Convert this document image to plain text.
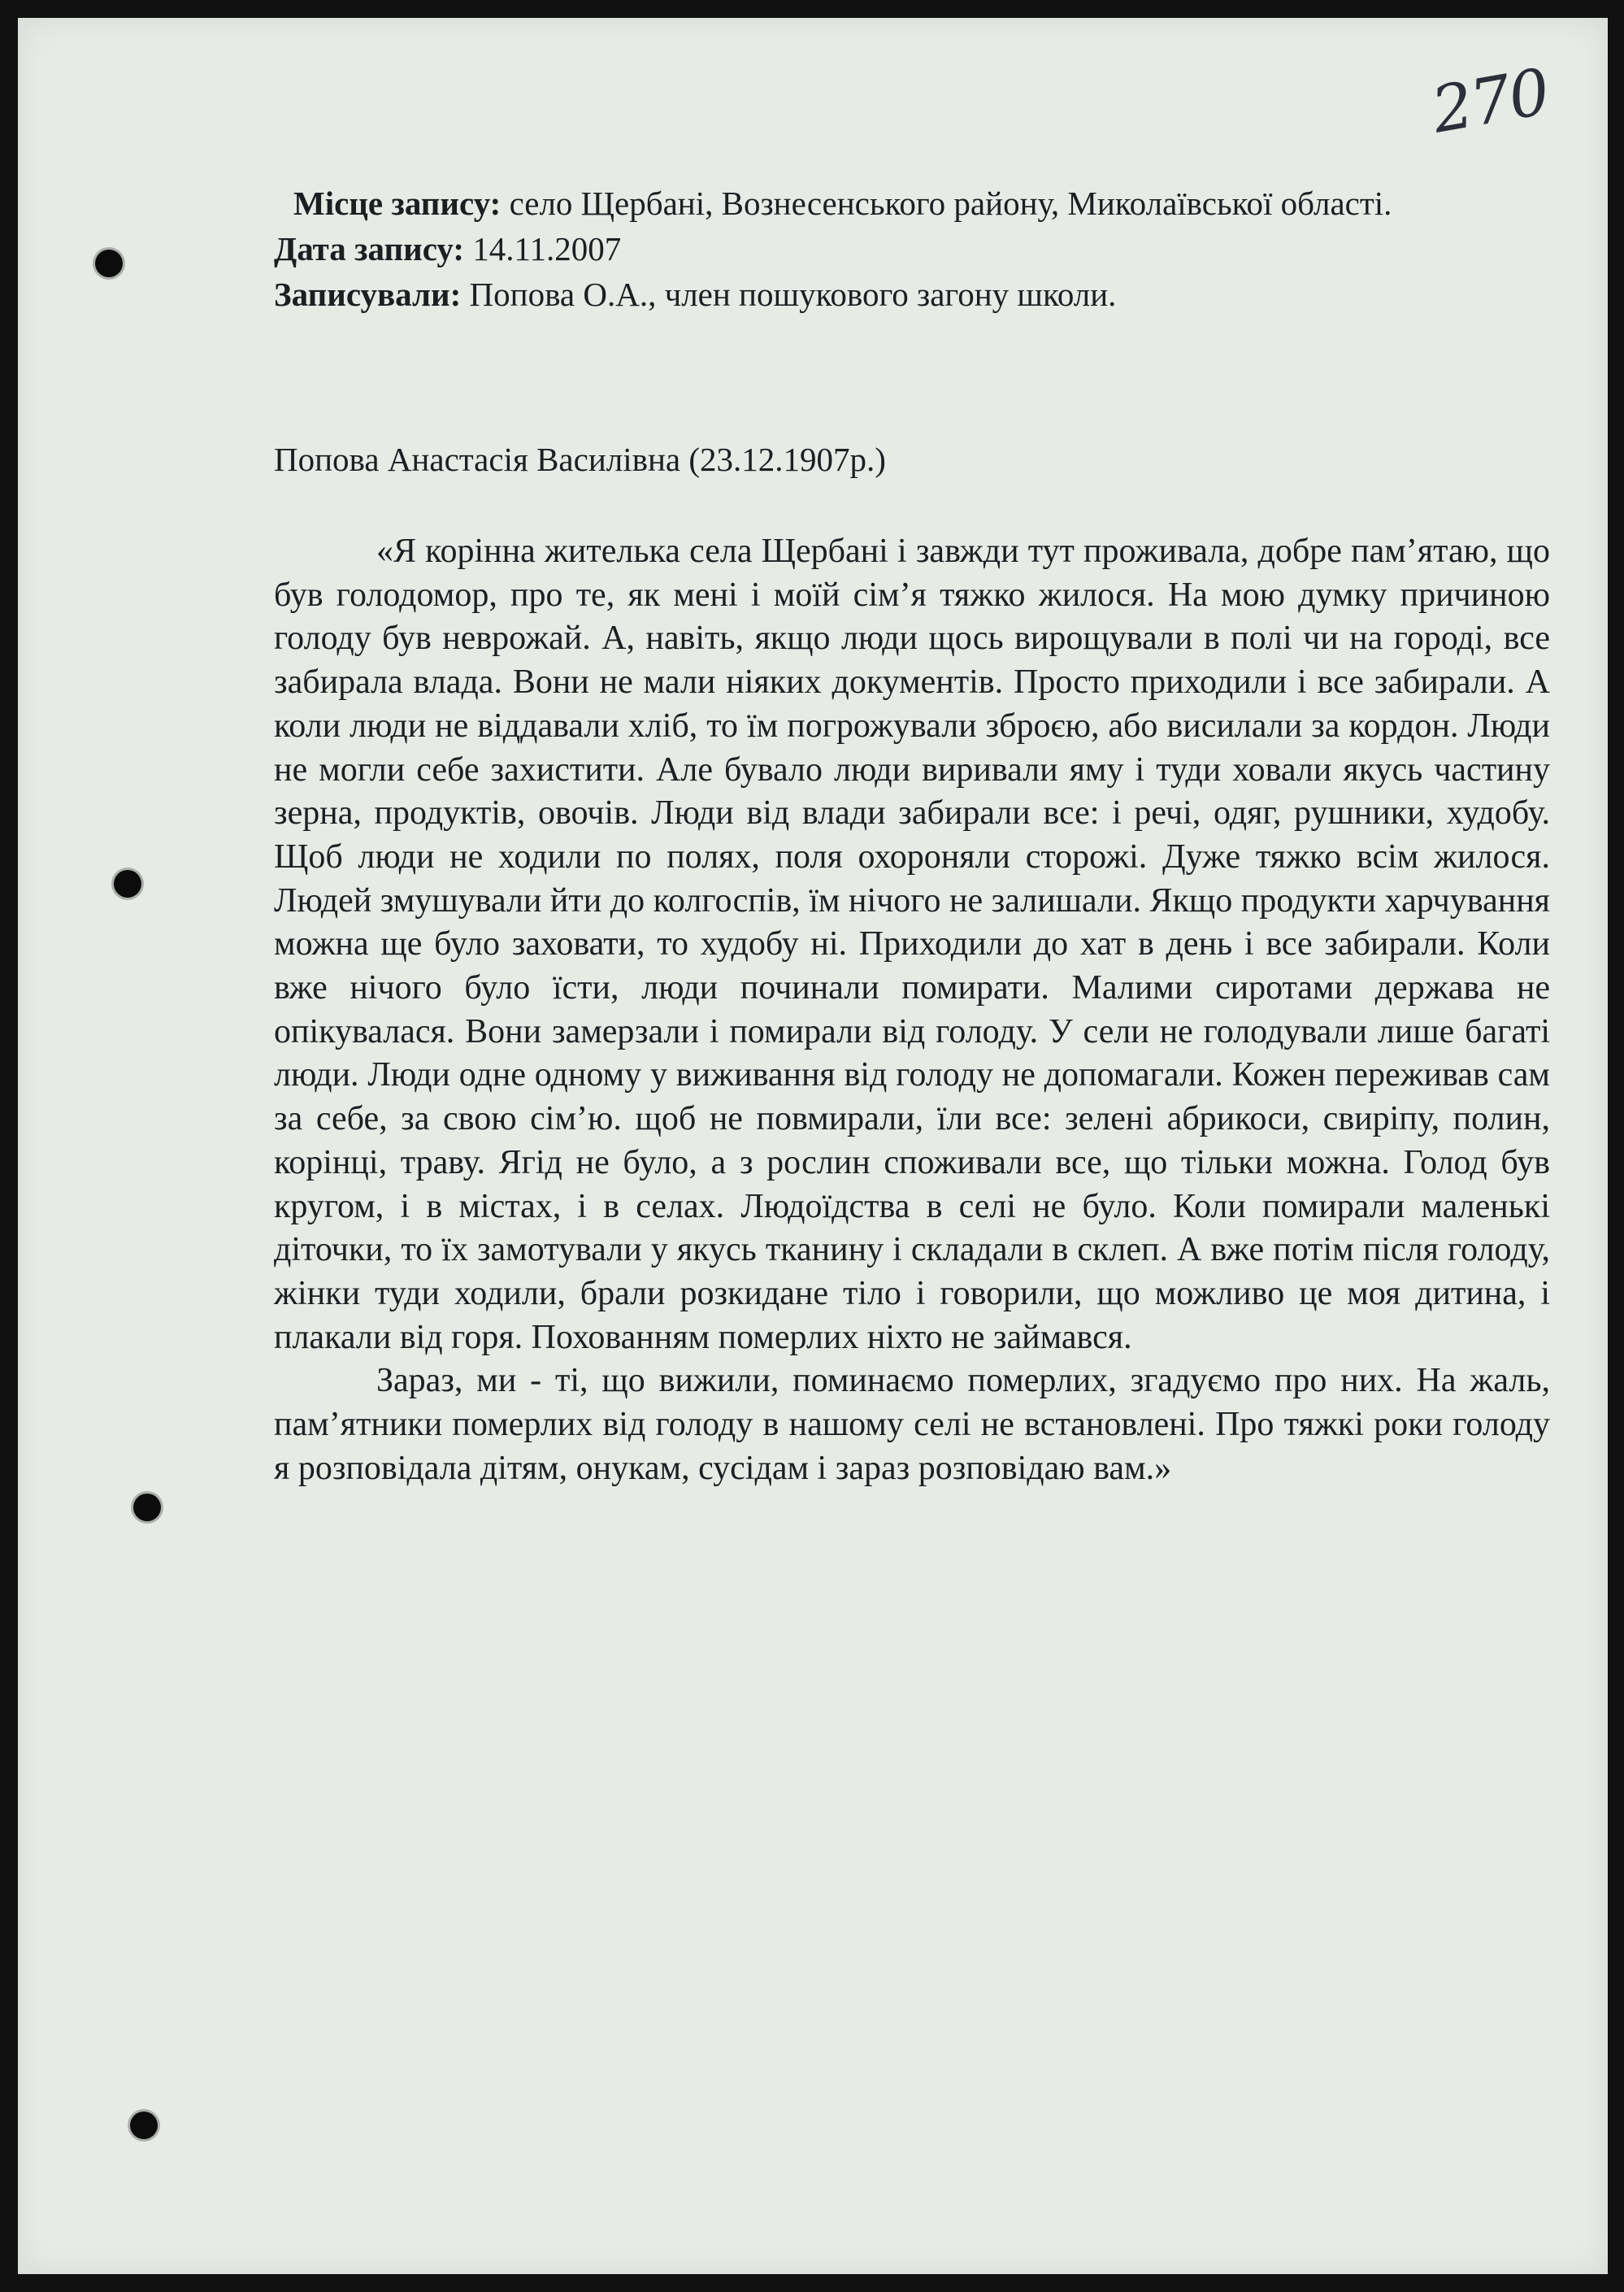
270
Місце запису: село Щербані, Вознесенського району, Миколаївської області.
Дата запису: 14.11.2007
Записували: Попова О.А., член пошукового загону школи.
Попова Анастасія Василівна (23.12.1907р.)

«Я корінна жителька села Щербані і завжди тут проживала, добре пам’ятаю, що був голодомор, про те, як мені і моїй сім’я тяжко жилося. На мою думку причиною голоду був неврожай. А, навіть, якщо люди щось вирощували в полі чи на городі, все забирала влада. Вони не мали ніяких документів. Просто приходили і все забирали. А коли люди не віддавали хліб, то їм погрожували зброєю, або висилали за кордон. Люди не могли себе захистити. Але бувало люди виривали яму і туди ховали якусь частину зерна, продуктів, овочів. Люди від влади забирали все: і речі, одяг, рушники, худобу. Щоб люди не ходили по полях, поля охороняли сторожі. Дуже тяжко всім жилося. Людей змушували йти до колгоспів, їм нічого не залишали. Якщо продукти харчування можна ще було заховати, то худобу ні. Приходили до хат в день і все забирали. Коли вже нічого було їсти, люди починали помирати. Малими сиротами держава не опікувалася. Вони замерзали і помирали від голоду. У сели не голодували лише багаті люди. Люди одне одному у виживання від голоду не допомагали. Кожен переживав сам за себе, за свою сім’ю. щоб не повмирали, їли все: зелені абрикоси, свиріпу, полин, корінці, траву. Ягід не було, а з рослин споживали все, що тільки можна. Голод був кругом, і в містах, і в селах. Людоїдства в селі не було. Коли помирали маленькі діточки, то їх замотували у якусь тканину і складали в склеп. А вже потім після голоду, жінки туди ходили, брали розкидане тіло і говорили, що можливо це моя дитина, і плакали від горя. Похованням померлих ніхто не займався.

Зараз, ми - ті, що вижили, поминаємо померлих, згадуємо про них. На жаль, пам’ятники померлих від голоду в нашому селі не встановлені. Про тяжкі роки голоду я розповідала дітям, онукам, сусідам і зараз розповідаю вам.»
